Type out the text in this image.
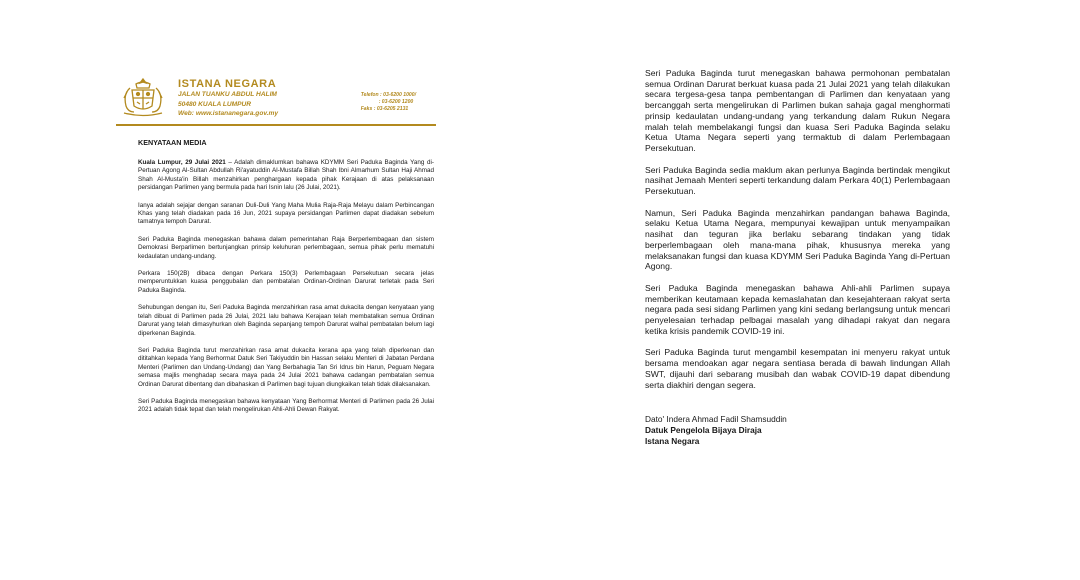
ISTANA NEGARA
JALAN TUANKU ABDUL HALIM
50480 KUALA LUMPUR
Web: www.istananegara.gov.my
Telefon : 03-6200 1000/
: 03-6200 1200
Faks : 03-6205 2131
KENYATAAN MEDIA

Kuala Lumpur, 29 Julai 2021 – Adalah dimaklumkan bahawa KDYMM Seri Paduka Baginda Yang di-Pertuan Agong Al-Sultan Abdullah Ri'ayatuddin Al-Mustafa Billah Shah Ibni Almarhum Sultan Haji Ahmad Shah Al-Musta'in Billah menzahirkan penghargaan kepada pihak Kerajaan di atas pelaksanaan persidangan Parlimen yang bermula pada hari Isnin lalu (26 Julai, 2021).

Ianya adalah sejajar dengan saranan Duli-Duli Yang Maha Mulia Raja-Raja Melayu dalam Perbincangan Khas yang telah diadakan pada 16 Jun, 2021 supaya persidangan Parlimen dapat diadakan sebelum tamatnya tempoh Darurat.

Seri Paduka Baginda menegaskan bahawa dalam pemerintahan Raja Berperlembagaan dan sistem Demokrasi Berparlimen bertunjangkan prinsip keluhuran perlembagaan, semua pihak perlu mematuhi kedaulatan undang-undang.

Perkara 150(2B) dibaca dengan Perkara 150(3) Perlembagaan Persekutuan secara jelas memperuntukkan kuasa penggubalan dan pembatalan Ordinan-Ordinan Darurat terletak pada Seri Paduka Baginda.

Sehubungan dengan itu, Seri Paduka Baginda menzahirkan rasa amat dukacita dengan kenyataan yang telah dibuat di Parlimen pada 26 Julai, 2021 lalu bahawa Kerajaan telah membatalkan semua Ordinan Darurat yang telah dimasyhurkan oleh Baginda sepanjang tempoh Darurat walhal pembatalan belum lagi diperkenan Baginda.

Seri Paduka Baginda turut menzahirkan rasa amat dukacita kerana apa yang telah diperkenan dan dititahkan kepada Yang Berhormat Datuk Seri Takiyuddin bin Hassan selaku Menteri di Jabatan Perdana Menteri (Parlimen dan Undang-Undang) dan Yang Berbahagia Tan Sri Idrus bin Harun, Peguam Negara semasa majlis menghadap secara maya pada 24 Julai 2021 bahawa cadangan pembatalan semua Ordinan Darurat dibentang dan dibahaskan di Parlimen bagi tujuan diungkaikan telah tidak dilaksanakan.

Seri Paduka Baginda menegaskan bahawa kenyataan Yang Berhormat Menteri di Parlimen pada 26 Julai 2021 adalah tidak tepat dan telah mengelirukan Ahli-Ahli Dewan Rakyat.

Seri Paduka Baginda turut menegaskan bahawa permohonan pembatalan semua Ordinan Darurat berkuat kuasa pada 21 Julai 2021 yang telah dilakukan secara tergesa-gesa tanpa pembentangan di Parlimen dan kenyataan yang bercanggah serta mengelirukan di Parlimen bukan sahaja gagal menghormati prinsip kedaulatan undang-undang yang terkandung dalam Rukun Negara malah telah membelakangi fungsi dan kuasa Seri Paduka Baginda selaku Ketua Utama Negara seperti yang termaktub di dalam Perlembagaan Persekutuan.

Seri Paduka Baginda sedia maklum akan perlunya Baginda bertindak mengikut nasihat Jemaah Menteri seperti terkandung dalam Perkara 40(1) Perlembagaan Persekutuan.

Namun, Seri Paduka Baginda menzahirkan pandangan bahawa Baginda, selaku Ketua Utama Negara, mempunyai kewajipan untuk menyampaikan nasihat dan teguran jika berlaku sebarang tindakan yang tidak berperlembagaan oleh mana-mana pihak, khususnya mereka yang melaksanakan fungsi dan kuasa KDYMM Seri Paduka Baginda Yang di-Pertuan Agong.

Seri Paduka Baginda menegaskan bahawa Ahli-ahli Parlimen supaya memberikan keutamaan kepada kemaslahatan dan kesejahteraan rakyat serta negara pada sesi sidang Parlimen yang kini sedang berlangsung untuk mencari penyelesaian terhadap pelbagai masalah yang dihadapi rakyat dan negara ketika krisis pandemik COVID-19 ini.

Seri Paduka Baginda turut mengambil kesempatan ini menyeru rakyat untuk bersama mendoakan agar negara sentiasa berada di bawah lindungan Allah SWT, dijauhi dari sebarang musibah dan wabak COVID-19 dapat dibendung serta diakhiri dengan segera.

Dato' Indera Ahmad Fadil Shamsuddin
Datuk Pengelola Bijaya Diraja
Istana Negara
